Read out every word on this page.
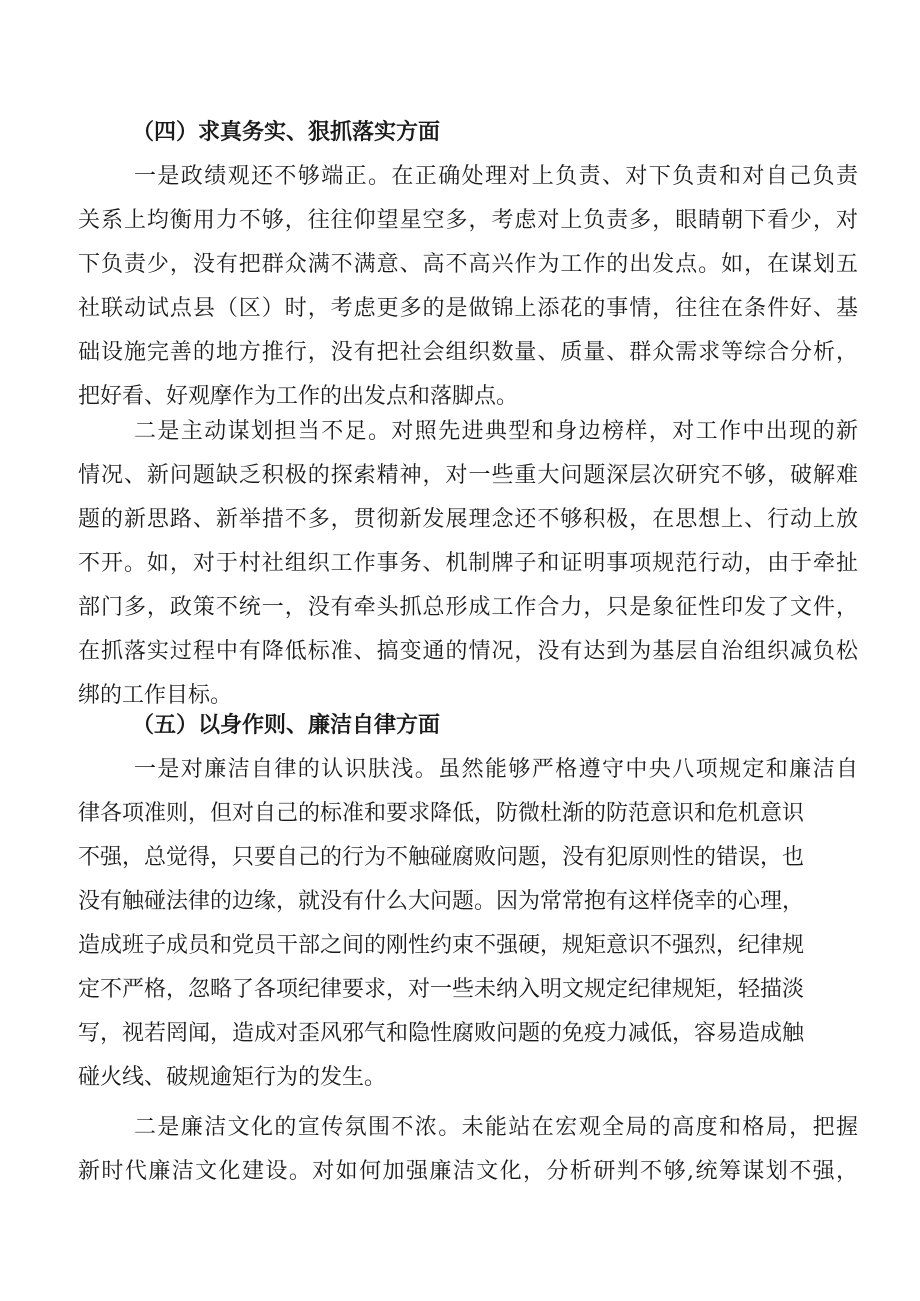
（四）求真务实、狠抓落实方面
一是政绩观还不够端正。在正确处理对上负责、对下负责和对自己负责
关系上均衡用力不够，往往仰望星空多，考虑对上负责多，眼睛朝下看少，对
下负责少，没有把群众满不满意、高不高兴作为工作的出发点。如，在谋划五
社联动试点县（区）时，考虑更多的是做锦上添花的事情，往往在条件好、基
础设施完善的地方推行，没有把社会组织数量、质量、群众需求等综合分析，
把好看、好观摩作为工作的出发点和落脚点。
二是主动谋划担当不足。对照先进典型和身边榜样，对工作中出现的新
情况、新问题缺乏积极的探索精神，对一些重大问题深层次研究不够，破解难
题的新思路、新举措不多，贯彻新发展理念还不够积极，在思想上、行动上放
不开。如，对于村社组织工作事务、机制牌子和证明事项规范行动，由于牵扯
部门多，政策不统一，没有牵头抓总形成工作合力，只是象征性印发了文件，
在抓落实过程中有降低标准、搞变通的情况，没有达到为基层自治组织减负松
绑的工作目标。
（五）以身作则、廉洁自律方面
一是对廉洁自律的认识肤浅。虽然能够严格遵守中央八项规定和廉洁自
律各项准则，但对自己的标准和要求降低，防微杜渐的防范意识和危机意识
不强，总觉得，只要自己的行为不触碰腐败问题，没有犯原则性的错误，也
没有触碰法律的边缘，就没有什么大问题。因为常常抱有这样侥幸的心理，
造成班子成员和党员干部之间的刚性约束不强硬，规矩意识不强烈，纪律规
定不严格，忽略了各项纪律要求，对一些未纳入明文规定纪律规矩，轻描淡
写，视若罔闻，造成对歪风邪气和隐性腐败问题的免疫力减低，容易造成触
碰火线、破规逾矩行为的发生。
二是廉洁文化的宣传氛围不浓。未能站在宏观全局的高度和格局，把握
新时代廉洁文化建设。对如何加强廉洁文化，分析研判不够,统筹谋划不强，
